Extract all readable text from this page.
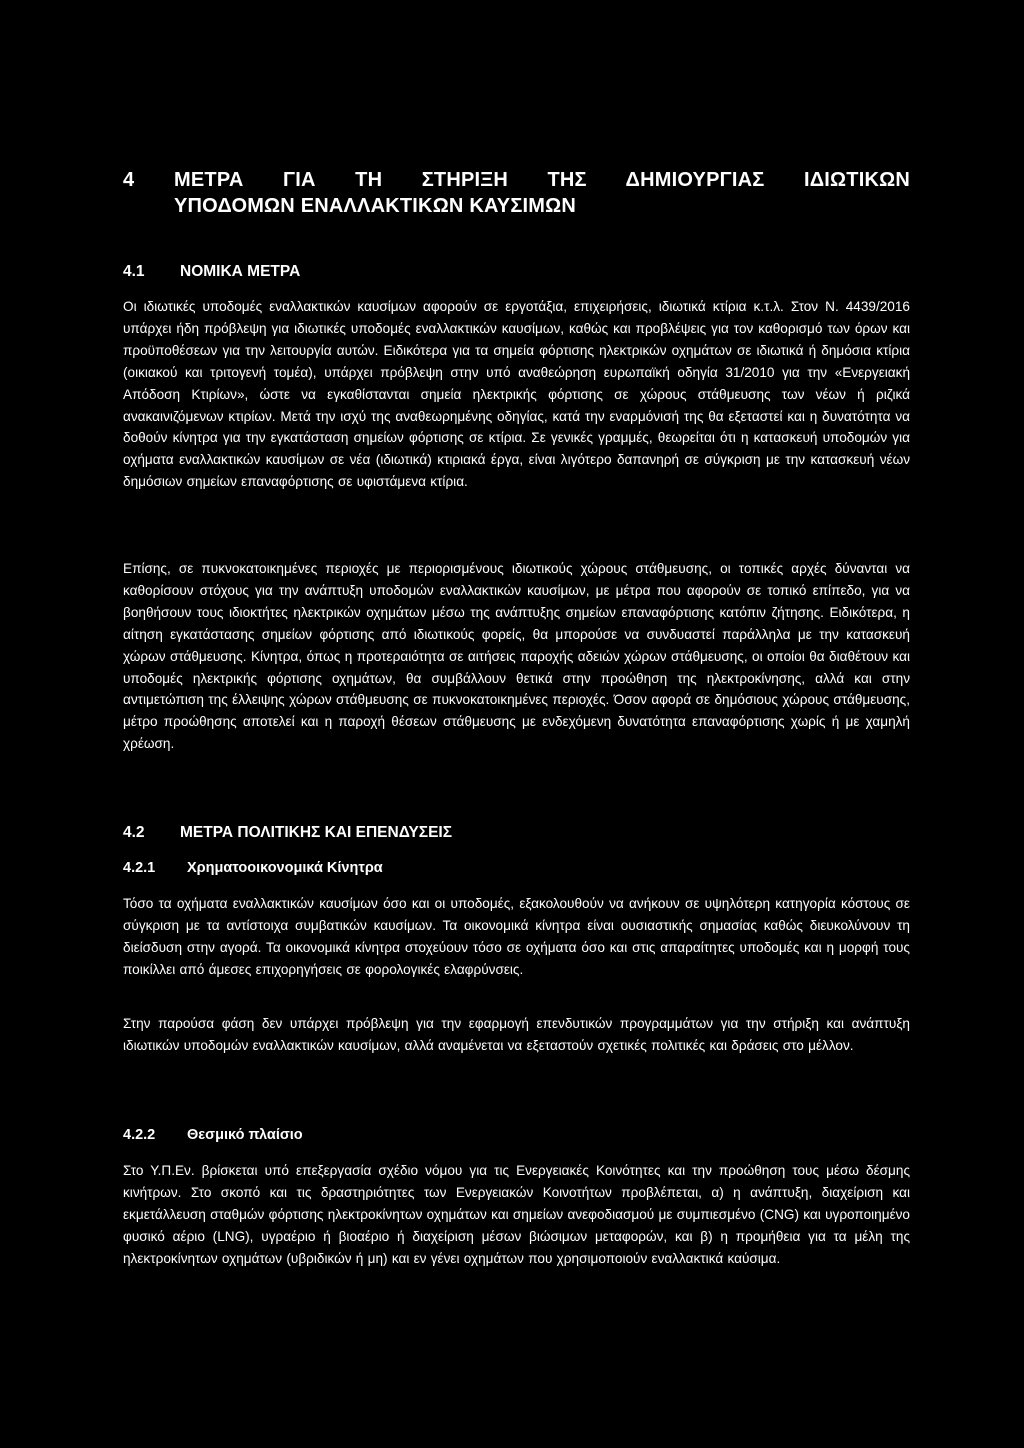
4 ΜΕΤΡΑ ΓΙΑ ΤΗ ΣΤΗΡΙΞΗ ΤΗΣ ΔΗΜΙΟΥΡΓΙΑΣ ΙΔΙΩΤΙΚΩΝ
ΥΠΟΔΟΜΩΝ ΕΝΑΛΛΑΚΤΙΚΩΝ ΚΑΥΣΙΜΩΝ
4.1 ΝΟΜΙΚΑ ΜΕΤΡΑ
Οι ιδιωτικές υποδομές εναλλακτικών καυσίμων αφορούν σε εργοτάξια, επιχειρήσεις, ιδιωτικά κτίρια κ.τ.λ. Στον Ν. 4439/2016 υπάρχει ήδη πρόβλεψη για ιδιωτικές υποδομές εναλλακτικών καυσίμων, καθώς και προβλέψεις για τον καθορισμό των όρων και προϋποθέσεων για την λειτουργία αυτών. Ειδικότερα για τα σημεία φόρτισης ηλεκτρικών οχημάτων σε ιδιωτικά ή δημόσια κτίρια (οικιακού και τριτογενή τομέα), υπάρχει πρόβλεψη στην υπό αναθεώρηση ευρωπαϊκή οδηγία 31/2010 για την «Ενεργειακή Απόδοση Κτιρίων», ώστε να εγκαθίστανται σημεία ηλεκτρικής φόρτισης σε χώρους στάθμευσης των νέων ή ριζικά ανακαινιζόμενων κτιρίων. Μετά την ισχύ της αναθεωρημένης οδηγίας, κατά την εναρμόνισή της θα εξεταστεί και η δυνατότητα να δοθούν κίνητρα για την εγκατάσταση σημείων φόρτισης σε κτίρια. Σε γενικές γραμμές, θεωρείται ότι η κατασκευή υποδομών για οχήματα εναλλακτικών καυσίμων σε νέα (ιδιωτικά) κτιριακά έργα, είναι λιγότερο δαπανηρή σε σύγκριση με την κατασκευή νέων δημόσιων σημείων επαναφόρτισης σε υφιστάμενα κτίρια.
Επίσης, σε πυκνοκατοικημένες περιοχές με περιορισμένους ιδιωτικούς χώρους στάθμευσης, οι τοπικές αρχές δύνανται να καθορίσουν στόχους για την ανάπτυξη υποδομών εναλλακτικών καυσίμων, με μέτρα που αφορούν σε τοπικό επίπεδο, για να βοηθήσουν τους ιδιοκτήτες ηλεκτρικών οχημάτων μέσω της ανάπτυξης σημείων επαναφόρτισης κατόπιν ζήτησης. Ειδικότερα, η αίτηση εγκατάστασης σημείων φόρτισης από ιδιωτικούς φορείς, θα μπορούσε να συνδυαστεί παράλληλα με την κατασκευή χώρων στάθμευσης. Κίνητρα, όπως η προτεραιότητα σε αιτήσεις παροχής αδειών χώρων στάθμευσης, οι οποίοι θα διαθέτουν και υποδομές ηλεκτρικής φόρτισης οχημάτων, θα συμβάλλουν θετικά στην προώθηση της ηλεκτροκίνησης, αλλά και στην αντιμετώπιση της έλλειψης χώρων στάθμευσης σε πυκνοκατοικημένες περιοχές. Όσον αφορά σε δημόσιους χώρους στάθμευσης, μέτρο προώθησης αποτελεί και η παροχή θέσεων στάθμευσης με ενδεχόμενη δυνατότητα επαναφόρτισης χωρίς ή με χαμηλή χρέωση.
4.2 ΜΕΤΡΑ ΠΟΛΙΤΙΚΗΣ ΚΑΙ ΕΠΕΝΔΥΣΕΙΣ
4.2.1 Χρηματοοικονομικά Κίνητρα
Τόσο τα οχήματα εναλλακτικών καυσίμων όσο και οι υποδομές, εξακολουθούν να ανήκουν σε υψηλότερη κατηγορία κόστους σε σύγκριση με τα αντίστοιχα συμβατικών καυσίμων. Τα οικονομικά κίνητρα είναι ουσιαστικής σημασίας καθώς διευκολύνουν τη διείσδυση στην αγορά. Τα οικονομικά κίνητρα στοχεύουν τόσο σε οχήματα όσο και στις απαραίτητες υποδομές και η μορφή τους ποικίλλει από άμεσες επιχορηγήσεις σε φορολογικές ελαφρύνσεις.
Στην παρούσα φάση δεν υπάρχει πρόβλεψη για την εφαρμογή επενδυτικών προγραμμάτων για την στήριξη και ανάπτυξη ιδιωτικών υποδομών εναλλακτικών καυσίμων, αλλά αναμένεται να εξεταστούν σχετικές πολιτικές και δράσεις στο μέλλον.
4.2.2 Θεσμικό πλαίσιο
Στο Υ.Π.Εν. βρίσκεται υπό επεξεργασία σχέδιο νόμου για τις Ενεργειακές Κοινότητες και την προώθηση τους μέσω δέσμης κινήτρων. Στο σκοπό και τις δραστηριότητες των Ενεργειακών Κοινοτήτων προβλέπεται, α) η ανάπτυξη, διαχείριση και εκμετάλλευση σταθμών φόρτισης ηλεκτροκίνητων οχημάτων και σημείων ανεφοδιασμού με συμπιεσμένο (CNG) και υγροποιημένο φυσικό αέριο (LNG), υγραέριο ή βιοαέριο ή διαχείριση μέσων βιώσιμων μεταφορών, και β) η προμήθεια για τα μέλη της ηλεκτροκίνητων οχημάτων (υβριδικών ή μη) και εν γένει οχημάτων που χρησιμοποιούν εναλλακτικά καύσιμα.
